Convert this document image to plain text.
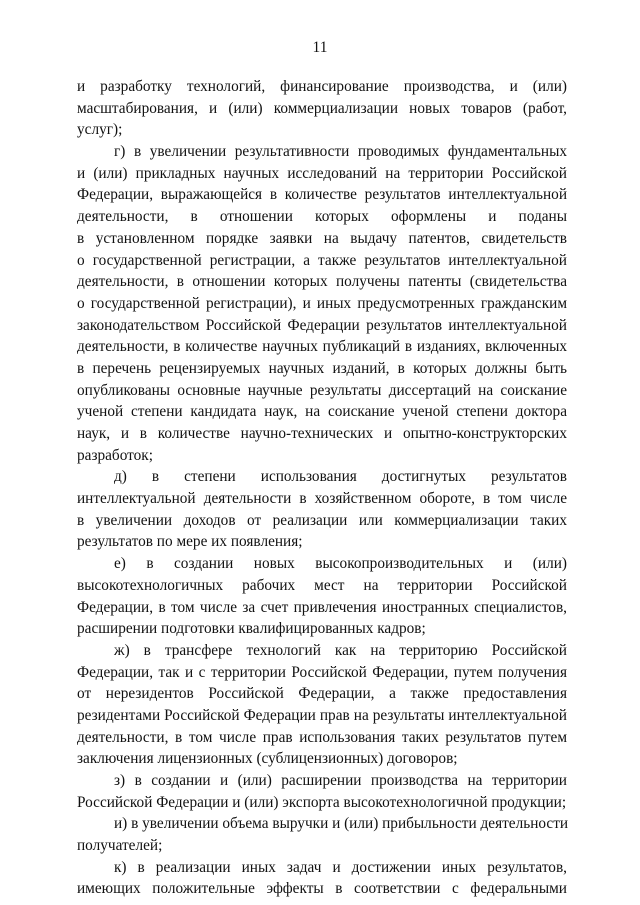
11
и разработку технологий, финансирование производства, и (или)
масштабирования, и (или) коммерциализации новых товаров (работ,
услуг);
г) в увеличении результативности проводимых фундаментальных
и (или) прикладных научных исследований на территории Российской
Федерации, выражающейся в количестве результатов интеллектуальной
деятельности, в отношении которых оформлены и поданы
в установленном порядке заявки на выдачу патентов, свидетельств
о государственной регистрации, а также результатов интеллектуальной
деятельности, в отношении которых получены патенты (свидетельства
о государственной регистрации), и иных предусмотренных гражданским
законодательством Российской Федерации результатов интеллектуальной
деятельности, в количестве научных публикаций в изданиях, включенных
в перечень рецензируемых научных изданий, в которых должны быть
опубликованы основные научные результаты диссертаций на соискание
ученой степени кандидата наук, на соискание ученой степени доктора
наук, и в количестве научно-технических и опытно-конструкторских
разработок;
д) в степени использования достигнутых результатов
интеллектуальной деятельности в хозяйственном обороте, в том числе
в увеличении доходов от реализации или коммерциализации таких
результатов по мере их появления;
е) в создании новых высокопроизводительных и (или)
высокотехнологичных рабочих мест на территории Российской
Федерации, в том числе за счет привлечения иностранных специалистов,
расширении подготовки квалифицированных кадров;
ж) в трансфере технологий как на территорию Российской
Федерации, так и с территории Российской Федерации, путем получения
от нерезидентов Российской Федерации, а также предоставления
резидентами Российской Федерации прав на результаты интеллектуальной
деятельности, в том числе прав использования таких результатов путем
заключения лицензионных (сублицензионных) договоров;
з) в создании и (или) расширении производства на территории
Российской Федерации и (или) экспорта высокотехнологичной продукции;
и) в увеличении объема выручки и (или) прибыльности деятельности
получателей;
к) в реализации иных задач и достижении иных результатов,
имеющих положительные эффекты в соответствии с федеральными
